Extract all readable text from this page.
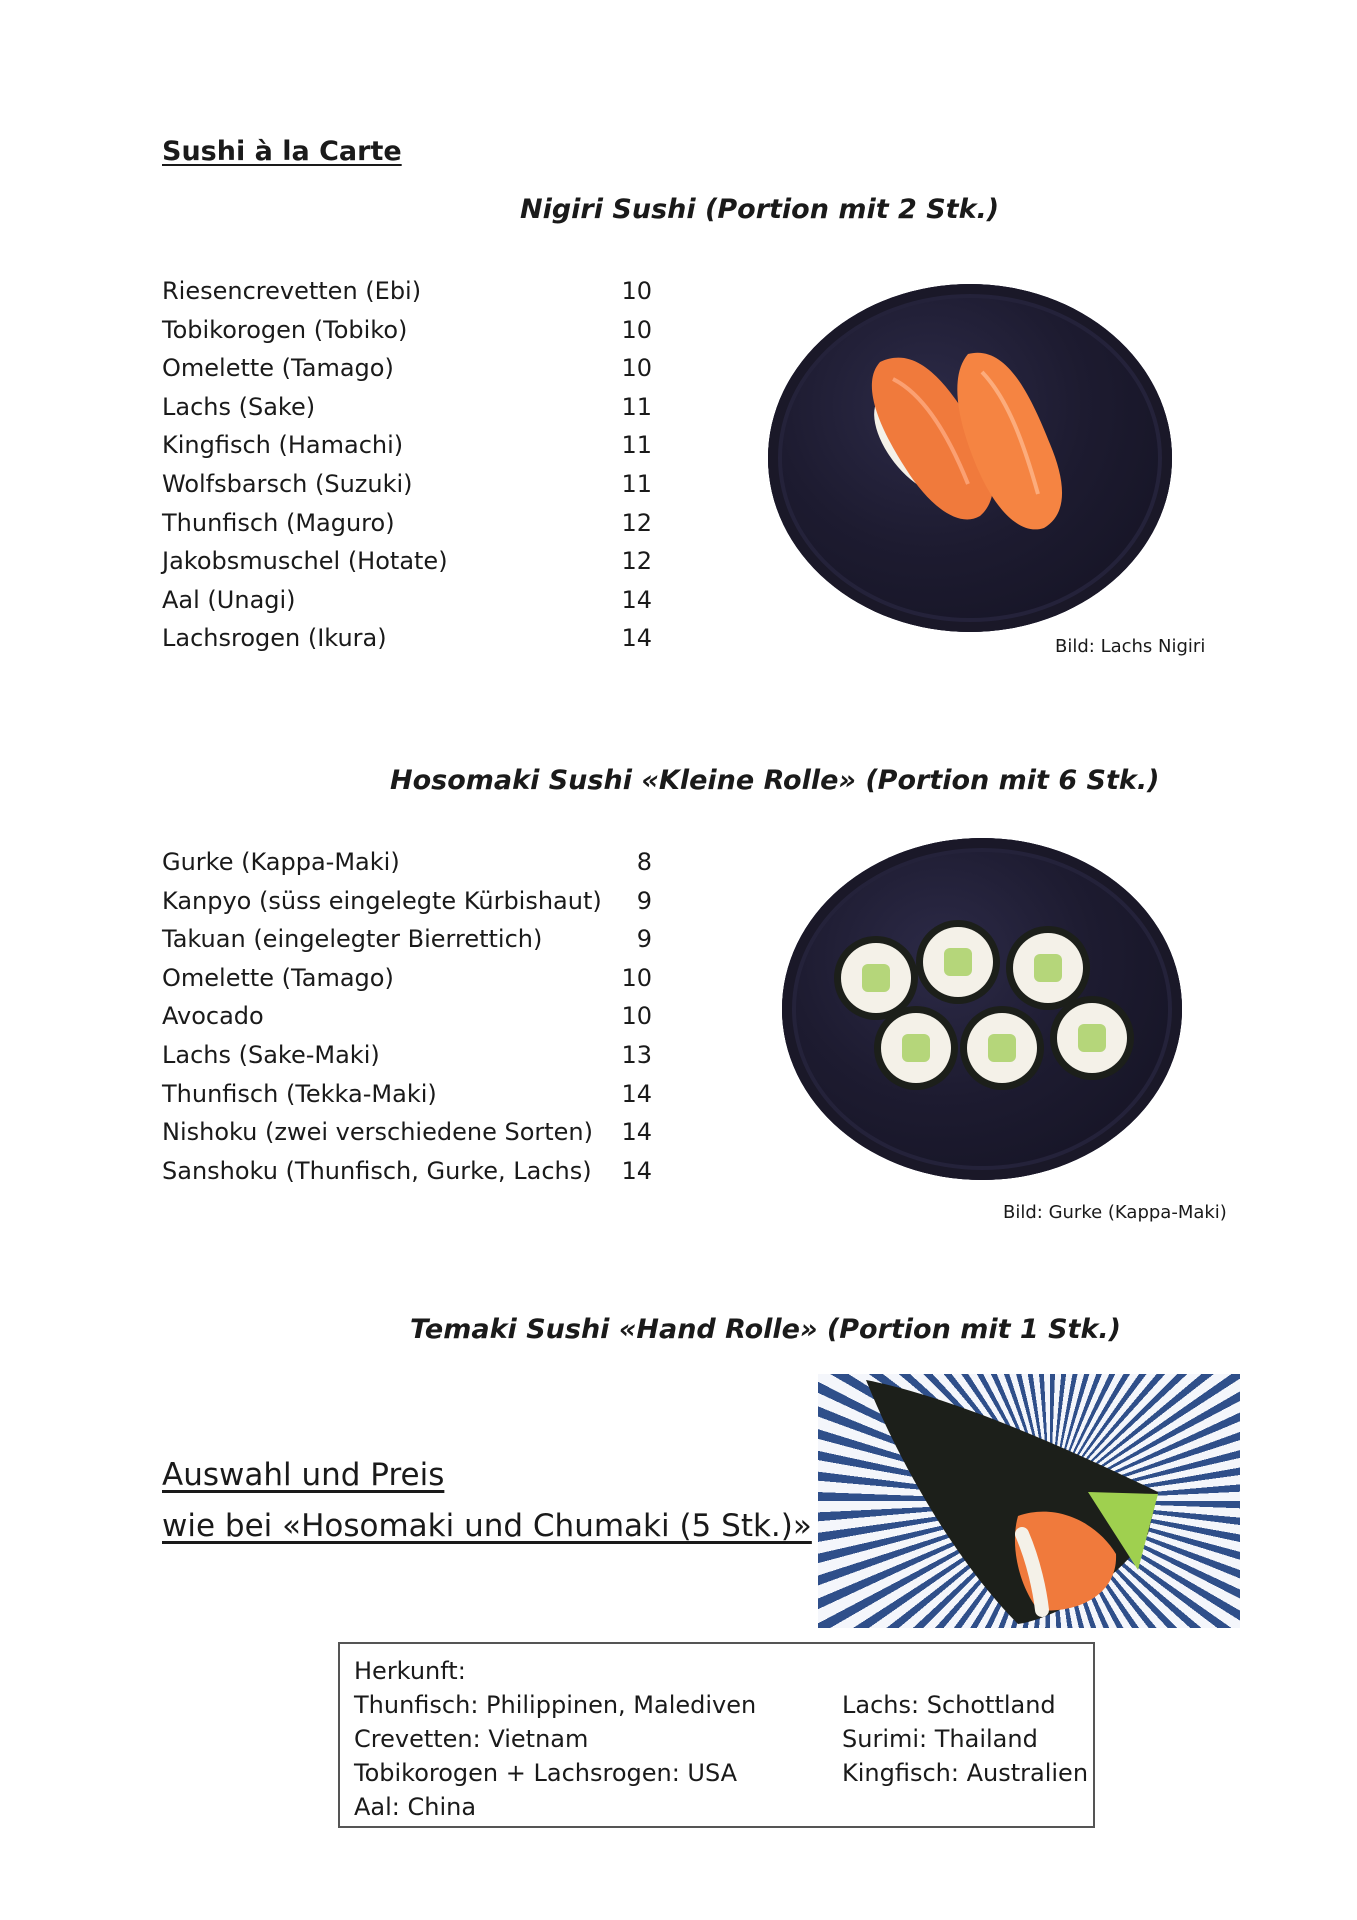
Sushi à la Carte
Nigiri Sushi (Portion mit 2 Stk.)
Riesencrevetten (Ebi)	10
Tobikorogen (Tobiko)	10
Omelette (Tamago)	10
Lachs (Sake)	11
Kingfisch (Hamachi)	11
Wolfsbarsch (Suzuki)	11
Thunfisch (Maguro)	12
Jakobsmuschel (Hotate)	12
Aal (Unagi)	14
Lachsrogen (Ikura)	14	Bild: Lachs Nigiri
Hosomaki Sushi «Kleine Rolle» (Portion mit 6 Stk.)
Gurke (Kappa-Maki)	8
Kanpyo (süss eingelegte Kürbishaut)	9
Takuan (eingelegter Bierrettich)	9
Omelette (Tamago)	10
Avocado	10
Lachs (Sake-Maki)	13
Thunfisch (Tekka-Maki)	14
Nishoku (zwei verschiedene Sorten)	14
Sanshoku (Thunfisch, Gurke, Lachs)	14
Bild: Gurke (Kappa-Maki)
Temaki Sushi «Hand Rolle» (Portion mit 1 Stk.)
Auswahl und Preis
wie bei «Hosomaki und Chumaki (5 Stk.)»
Herkunft:
Thunfisch: Philippinen, Malediven
Crevetten: Vietnam
Tobikorogen + Lachsrogen: USA
Aal: China
Lachs: Schottland
Surimi: Thailand
Kingfisch: Australien
